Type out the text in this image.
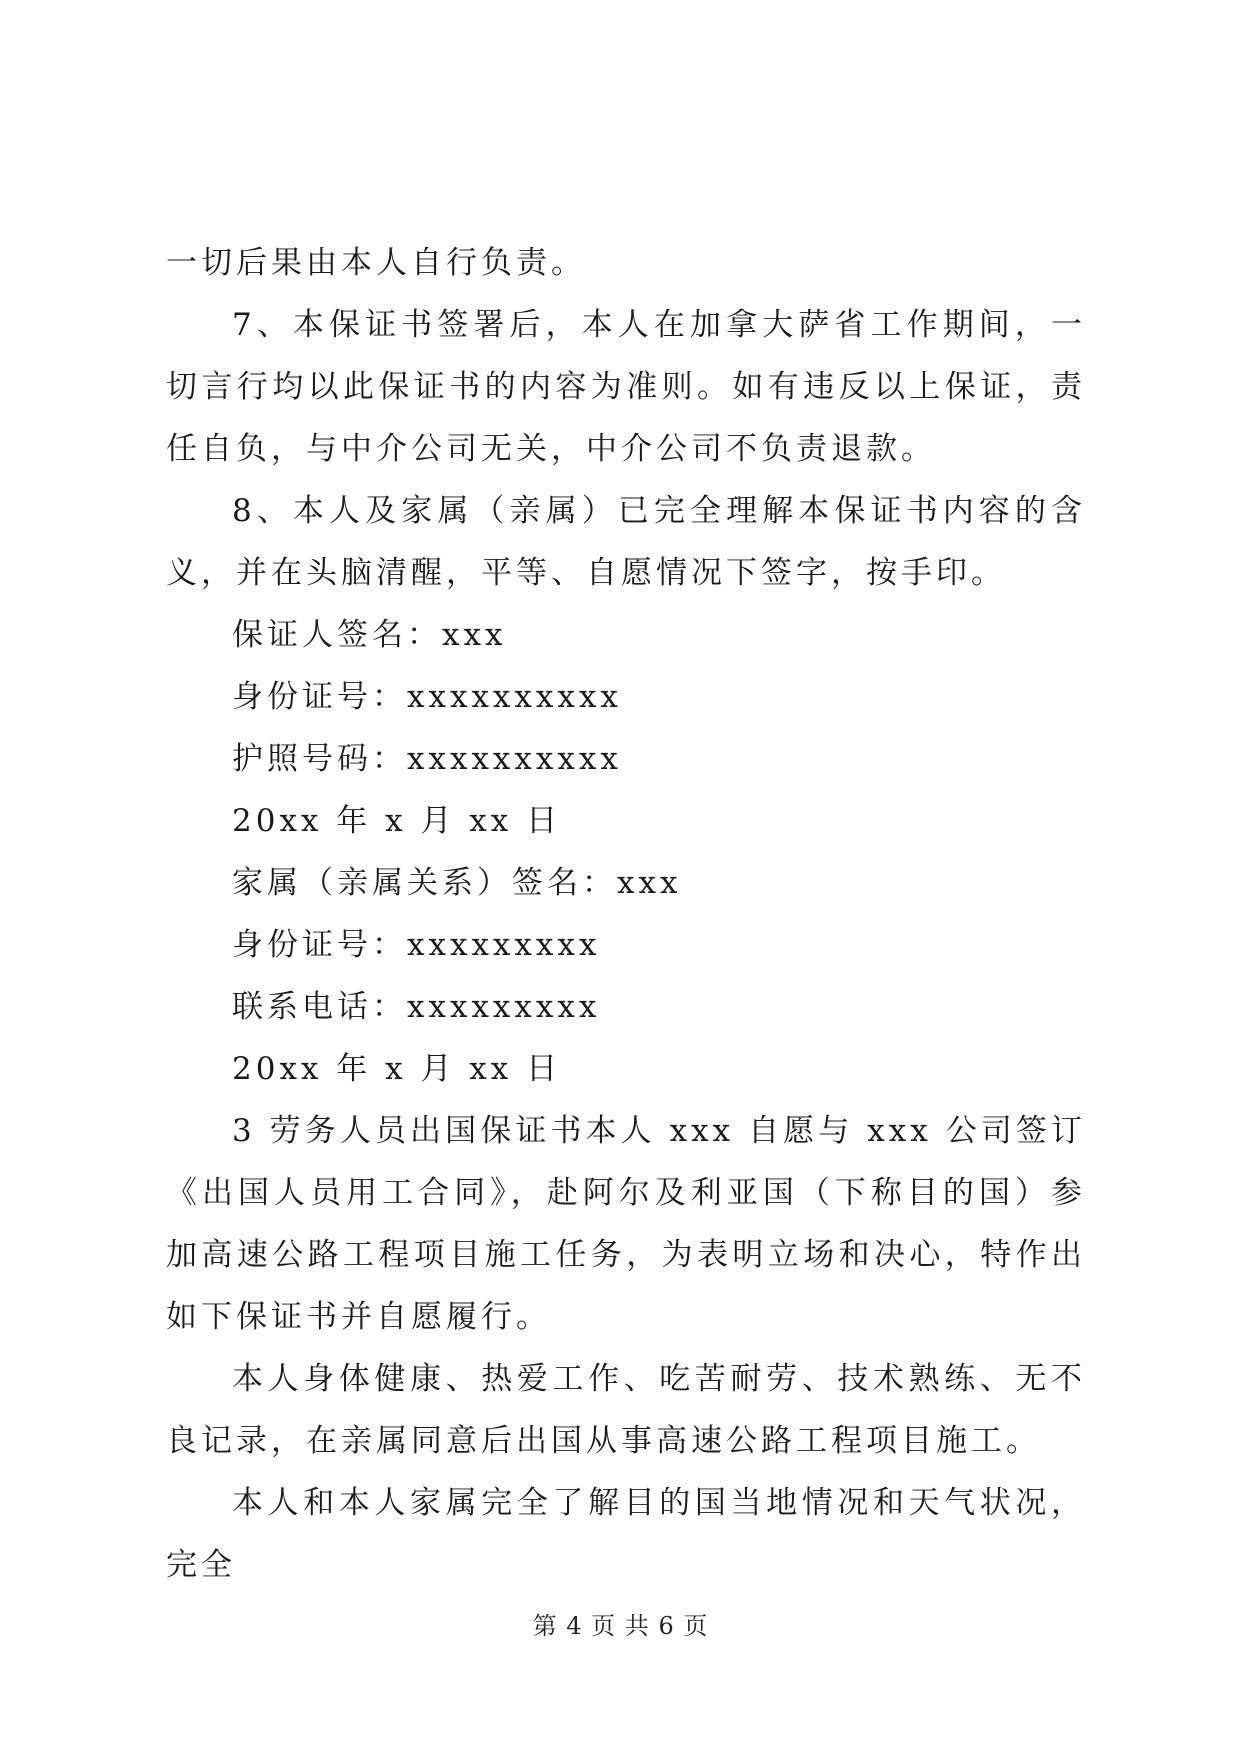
一切后果由本人自行负责。

7、本保证书签署后，本人在加拿大萨省工作期间，一切言行均以此保证书的内容为准则。如有违反以上保证，责任自负，与中介公司无关，中介公司不负责退款。

8、本人及家属（亲属）已完全理解本保证书内容的含义，并在头脑清醒，平等、自愿情况下签字，按手印。

保证人签名：xxx

身份证号：xxxxxxxxxx

护照号码：xxxxxxxxxx

20xx 年 x 月 xx 日

家属（亲属关系）签名：xxx

身份证号：xxxxxxxxx

联系电话：xxxxxxxxx

20xx 年 x 月 xx 日

3 劳务人员出国保证书本人 xxx 自愿与 xxx 公司签订《出国人员用工合同》，赴阿尔及利亚国（下称目的国）参加高速公路工程项目施工任务，为表明立场和决心，特作出如下保证书并自愿履行。

本人身体健康、热爱工作、吃苦耐劳、技术熟练、无不良记录，在亲属同意后出国从事高速公路工程项目施工。

本人和本人家属完全了解目的国当地情况和天气状况，完全

第 4 页 共 6 页
